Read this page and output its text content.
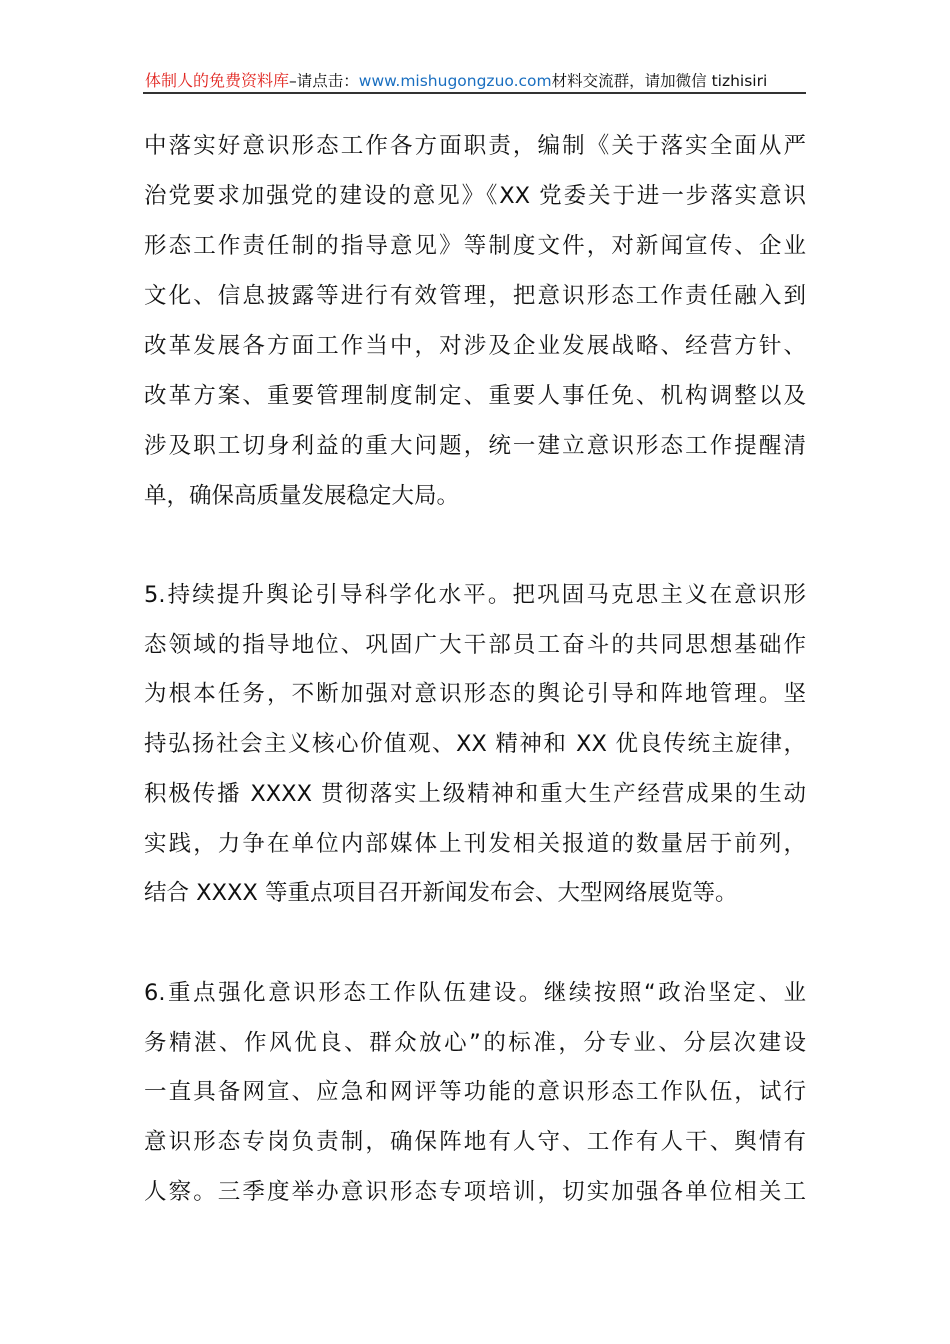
体制人的免费资料库 –请点击： www.mishugongzuo.com 材料交流群，请加微信 tizhisiri
中落实好意识形态工作各方面职责，编制《关于落实全面从严
治党要求加强党的建设的意见》《XX 党委关于进一步落实意识
形态工作责任制的指导意见》等制度文件，对新闻宣传、企业
文化、信息披露等进行有效管理，把意识形态工作责任融入到
改革发展各方面工作当中，对涉及企业发展战略、经营方针、
改革方案、重要管理制度制定、重要人事任免、机构调整以及
涉及职工切身利益的重大问题，统一建立意识形态工作提醒清
单，确保高质量发展稳定大局。
5.持续提升舆论引导科学化水平。把巩固马克思主义在意识形
态领域的指导地位、巩固广大干部员工奋斗的共同思想基础作
为根本任务，不断加强对意识形态的舆论引导和阵地管理。坚
持弘扬社会主义核心价值观、XX 精神和 XX 优良传统主旋律，
积极传播 XXXX 贯彻落实上级精神和重大生产经营成果的生动
实践，力争在单位内部媒体上刊发相关报道的数量居于前列，
结合 XXXX 等重点项目召开新闻发布会、大型网络展览等。
6.重点强化意识形态工作队伍建设。继续按照“政治坚定、业
务精湛、作风优良、群众放心”的标准，分专业、分层次建设
一直具备网宣、应急和网评等功能的意识形态工作队伍，试行
意识形态专岗负责制，确保阵地有人守、工作有人干、舆情有
人察。三季度举办意识形态专项培训，切实加强各单位相关工
